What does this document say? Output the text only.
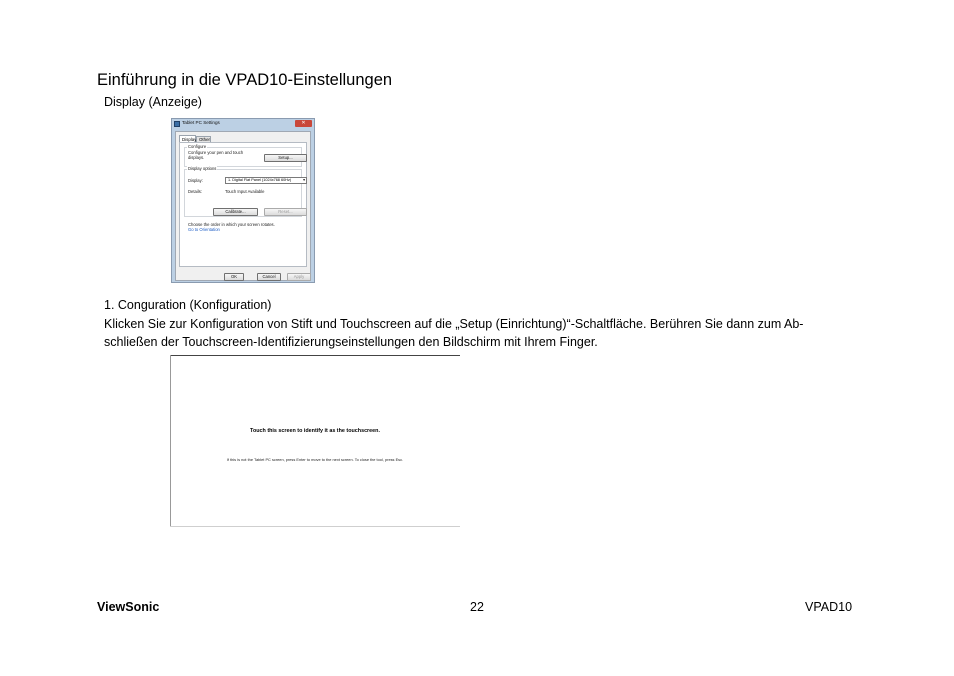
Einführung in die VPAD10-Einstellungen
Display (Anzeige)
Tablet PC Settings	✕
Display Other
Configure
Configure your pen and touch
displays.	Setup...
Display options
Display:	1. Digital Flat Panel (1024x768 60Hz)	▾
Details:	Touch Input Available
Calibrate...	Reset...
Choose the order in which your screen rotates.
Go to Orientation
OK	Cancel	Apply
1. Conguration (Konfiguration)
Klicken Sie zur Konfiguration von Stift und Touchscreen auf die „Setup (Einrichtung)“-Schaltfläche. Berühren Sie dann zum Ab-
schließen der Touchscreen-Identifizierungseinstellungen den Bildschirm mit Ihrem Finger.
Touch this screen to identify it as the touchscreen.
If this is not the Tablet PC screen, press Enter to move to the next screen. To close the tool, press Esc.
ViewSonic	22	VPAD10
